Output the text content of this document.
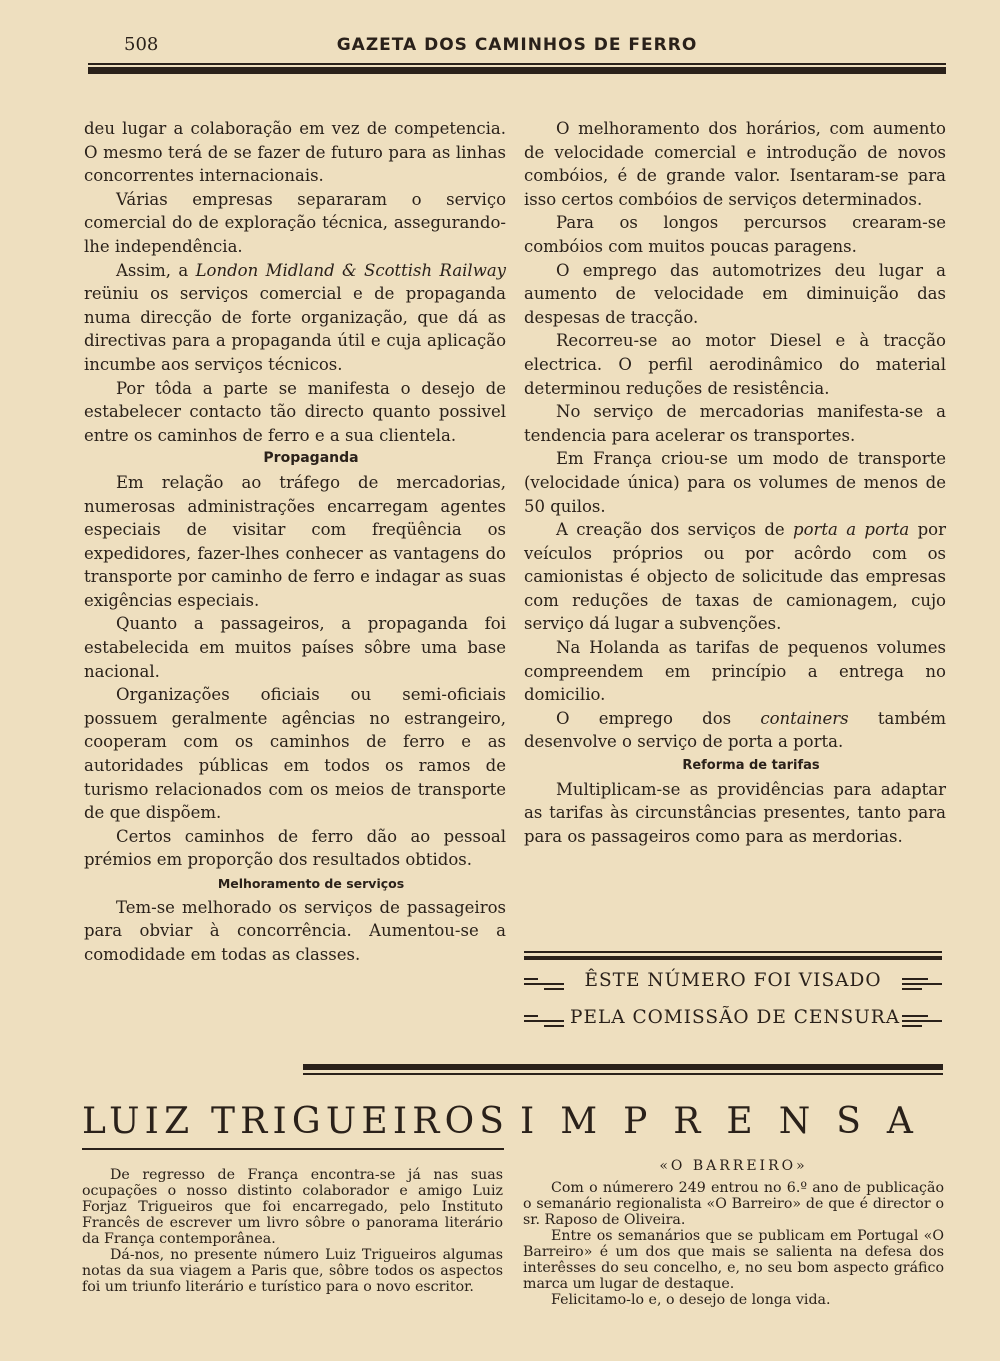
508	GAZETA DOS CAMINHOS DE FERRO

deu lugar a colaboração em vez de competencia. O mesmo terá de se fazer de futuro para as linhas concorrentes internacionais.

Várias empresas separaram o serviço comercial do de exploração técnica, assegurando-lhe independência.

Assim, a London Midland & Scottish Railway reüniu os serviços comercial e de propaganda numa direcção de forte organização, que dá as directivas para a propaganda útil e cuja aplicação incumbe aos serviços técnicos.

Por tôda a parte se manifesta o desejo de estabelecer contacto tão directo quanto possivel entre os caminhos de ferro e a sua clientela.

Propaganda

Em relação ao tráfego de mercadorias, numerosas administrações encarregam agentes especiais de visitar com freqüência os expedidores, fazer-lhes conhecer as vantagens do transporte por caminho de ferro e indagar as suas exigências especiais.

Quanto a passageiros, a propaganda foi estabelecida em muitos países sôbre uma base nacional.

Organizações oficiais ou semi-oficiais possuem geralmente agências no estrangeiro, cooperam com os caminhos de ferro e as autoridades públicas em todos os ramos de turismo relacionados com os meios de transporte de que dispõem.

Certos caminhos de ferro dão ao pessoal prémios em proporção dos resultados obtidos.

Melhoramento de serviços

Tem-se melhorado os serviços de passageiros para obviar à concorrência. Aumentou-se a comodidade em todas as classes.

O melhoramento dos horários, com aumento de velocidade comercial e introdução de novos combóios, é de grande valor. Isentaram-se para isso certos combóios de serviços determinados.

Para os longos percursos crearam-se combóios com muitos poucas paragens.

O emprego das automotrizes deu lugar a aumento de velocidade em diminuição das despesas de tracção.

Recorreu-se ao motor Diesel e à tracção electrica. O perfil aerodinâmico do material determinou reduções de resistência.

No serviço de mercadorias manifesta-se a tendencia para acelerar os transportes.

Em França criou-se um modo de transporte (velocidade única) para os volumes de menos de 50 quilos.

A creação dos serviços de porta a porta por veículos próprios ou por acôrdo com os camionistas é objecto de solicitude das empresas com reduções de taxas de camionagem, cujo serviço dá lugar a subvenções.

Na Holanda as tarifas de pequenos volumes compreendem em princípio a entrega no domicilio.

O emprego dos containers também desenvolve o serviço de porta a porta.

Reforma de tarifas

Multiplicam-se as providências para adaptar as tarifas às circunstâncias presentes, tanto para para os passageiros como para as merdorias.

ÊSTE NÚMERO FOI VISADO
PELA COMISSÃO DE CENSURA
LUIZ TRIGUEIROS IMPRENSA

De regresso de França encontra-se já nas suas ocupações o nosso distinto colaborador e amigo Luiz Forjaz Trigueiros que foi encarregado, pelo Instituto Francês de escrever um livro sôbre o panorama literário da França contemporânea.

Dá-nos, no presente número Luiz Trigueiros algumas notas da sua viagem a Paris que, sôbre todos os aspectos foi um triunfo literário e turístico para o novo escritor.

«O BARREIRO»

Com o númerero 249 entrou no 6.º ano de publicação o semanário regionalista «O Barreiro» de que é director o sr. Raposo de Oliveira.

Entre os semanários que se publicam em Portugal «O Barreiro» é um dos que mais se salienta na defesa dos interêsses do seu concelho, e, no seu bom aspecto gráfico marca um lugar de destaque.

Felicitamo-lo e, o desejo de longa vida.
